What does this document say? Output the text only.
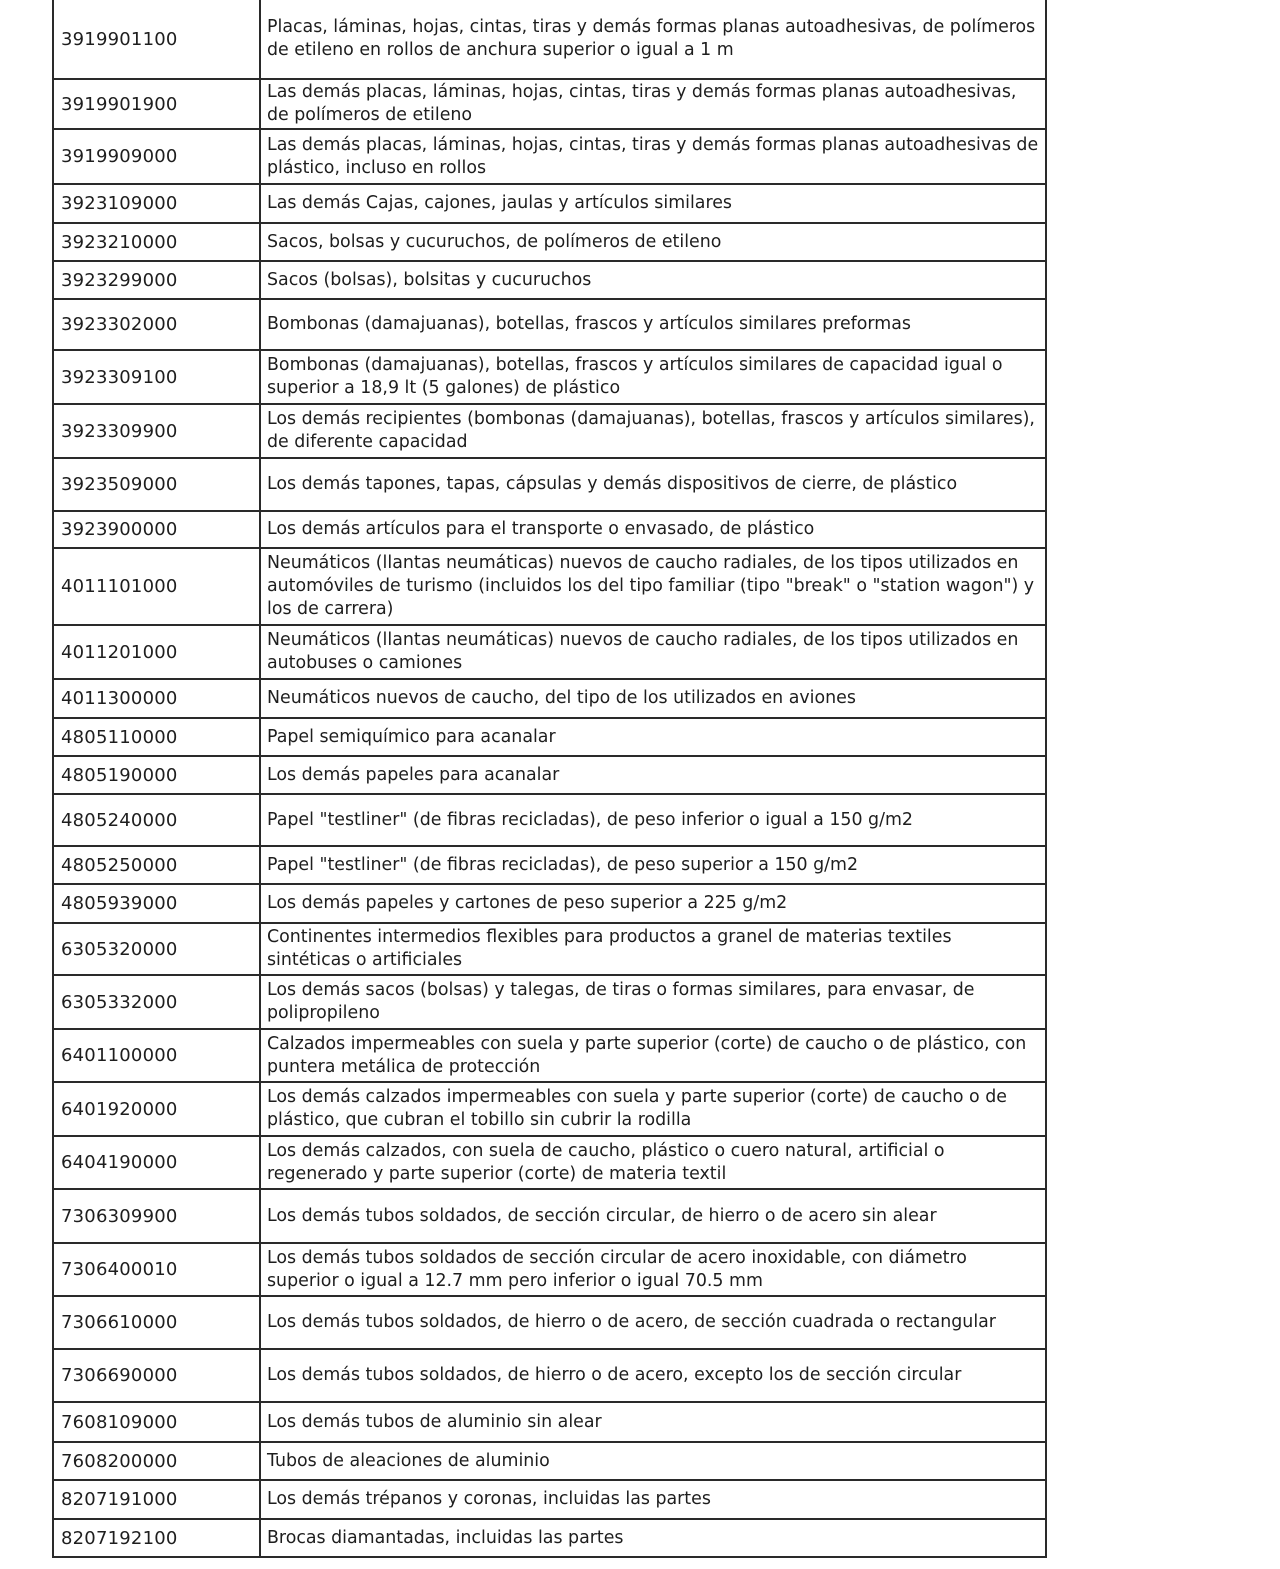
3919901100	Placas, láminas, hojas, cintas, tiras y demás formas planas autoadhesivas, de polímeros de etileno en rollos de anchura superior o igual a 1 m
3919901900	Las demás placas, láminas, hojas, cintas, tiras y demás formas planas autoadhesivas, de polímeros de etileno
3919909000	Las demás placas, láminas, hojas, cintas, tiras y demás formas planas autoadhesivas de plástico, incluso en rollos
3923109000	Las demás Cajas, cajones, jaulas y artículos similares
3923210000	Sacos, bolsas y cucuruchos, de polímeros de etileno
3923299000	Sacos (bolsas), bolsitas y cucuruchos
3923302000	Bombonas (damajuanas), botellas, frascos y artículos similares preformas
3923309100	Bombonas (damajuanas), botellas, frascos y artículos similares de capacidad igual o superior a 18,9 lt (5 galones) de plástico
3923309900	Los demás recipientes (bombonas (damajuanas), botellas, frascos y artículos similares), de diferente capacidad
3923509000	Los demás tapones, tapas, cápsulas y demás dispositivos de cierre, de plástico
3923900000	Los demás artículos para el transporte o envasado, de plástico
4011101000	Neumáticos (llantas neumáticas) nuevos de caucho radiales, de los tipos utilizados en automóviles de turismo (incluidos los del tipo familiar (tipo "break" o "station wagon") y los de carrera)
4011201000	Neumáticos (llantas neumáticas) nuevos de caucho radiales, de los tipos utilizados en autobuses o camiones
4011300000	Neumáticos nuevos de caucho, del tipo de los utilizados en aviones
4805110000	Papel semiquímico para acanalar
4805190000	Los demás papeles para acanalar
4805240000	Papel "testliner" (de fibras recicladas), de peso inferior o igual a 150 g/m2
4805250000	Papel "testliner" (de fibras recicladas), de peso superior a 150 g/m2
4805939000	Los demás papeles y cartones de peso superior a 225 g/m2
6305320000	Continentes intermedios flexibles para productos a granel de materias textiles sintéticas o artificiales
6305332000	Los demás sacos (bolsas) y talegas, de tiras o formas similares, para envasar, de polipropileno
6401100000	Calzados impermeables con suela y parte superior (corte) de caucho o de plástico, con puntera metálica de protección
6401920000	Los demás calzados impermeables con suela y parte superior (corte) de caucho o de plástico, que cubran el tobillo sin cubrir la rodilla
6404190000	Los demás calzados, con suela de caucho, plástico o cuero natural, artificial o regenerado y parte superior (corte) de materia textil
7306309900	Los demás tubos soldados, de sección circular, de hierro o de acero sin alear
7306400010	Los demás tubos soldados de sección circular de acero inoxidable, con diámetro superior o igual a 12.7 mm pero inferior o igual 70.5 mm
7306610000	Los demás tubos soldados, de hierro o de acero, de sección cuadrada o rectangular
7306690000	Los demás tubos soldados, de hierro o de acero, excepto los de sección circular
7608109000	Los demás tubos de aluminio sin alear
7608200000	Tubos de aleaciones de aluminio
8207191000	Los demás trépanos y coronas, incluidas las partes
8207192100	Brocas diamantadas, incluidas las partes
